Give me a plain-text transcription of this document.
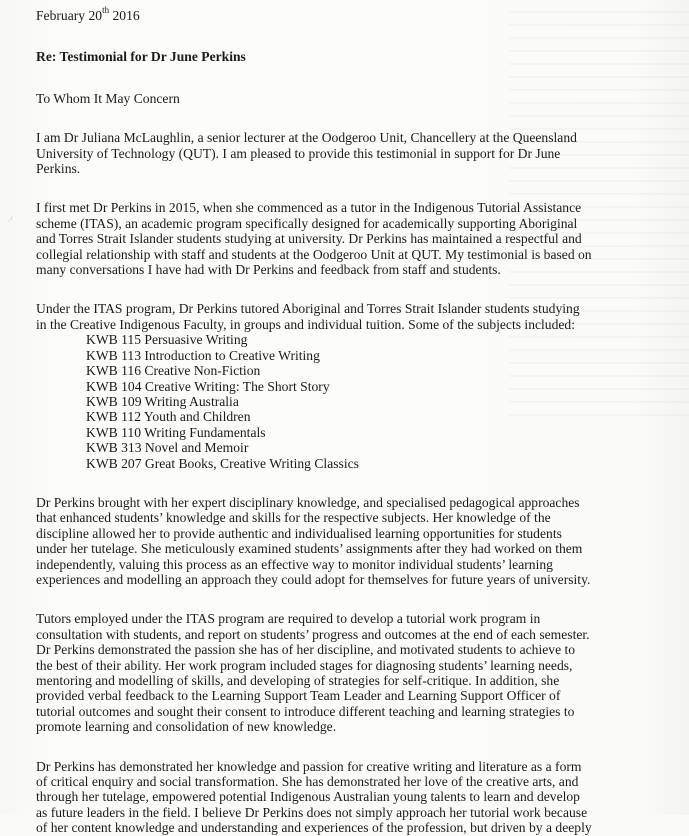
·ᐟ

February 20th 2016

Re: Testimonial for Dr June Perkins

To Whom It May Concern

I am Dr Juliana McLaughlin, a senior lecturer at the Oodgeroo Unit, Chancellery at the Queensland

University of Technology (QUT). I am pleased to provide this testimonial in support for Dr June

Perkins.

I first met Dr Perkins in 2015, when she commenced as a tutor in the Indigenous Tutorial Assistance

scheme (ITAS), an academic program specifically designed for academically supporting Aboriginal

and Torres Strait Islander students studying at university. Dr Perkins has maintained a respectful and

collegial relationship with staff and students at the Oodgeroo Unit at QUT. My testimonial is based on

many conversations I have had with Dr Perkins and feedback from staff and students.

Under the ITAS program, Dr Perkins tutored Aboriginal and Torres Strait Islander students studying

in the Creative Indigenous Faculty, in groups and individual tuition. Some of the subjects included:

KWB 115 Persuasive Writing
KWB 113 Introduction to Creative Writing
KWB 116 Creative Non-Fiction
KWB 104 Creative Writing: The Short Story
KWB 109 Writing Australia
KWB 112 Youth and Children
KWB 110 Writing Fundamentals
KWB 313 Novel and Memoir
KWB 207 Great Books, Creative Writing Classics

Dr Perkins brought with her expert disciplinary knowledge, and specialised pedagogical approaches

that enhanced students’ knowledge and skills for the respective subjects. Her knowledge of the

discipline allowed her to provide authentic and individualised learning opportunities for students

under her tutelage. She meticulously examined students’ assignments after they had worked on them

independently, valuing this process as an effective way to monitor individual students’ learning

experiences and modelling an approach they could adopt for themselves for future years of university.

Tutors employed under the ITAS program are required to develop a tutorial work program in

consultation with students, and report on students’ progress and outcomes at the end of each semester.

Dr Perkins demonstrated the passion she has of her discipline, and motivated students to achieve to

the best of their ability. Her work program included stages for diagnosing students’ learning needs,

mentoring and modelling of skills, and developing of strategies for self-critique. In addition, she

provided verbal feedback to the Learning Support Team Leader and Learning Support Officer of

tutorial outcomes and sought their consent to introduce different teaching and learning strategies to

promote learning and consolidation of new knowledge.

Dr Perkins has demonstrated her knowledge and passion for creative writing and literature as a form

of critical enquiry and social transformation. She has demonstrated her love of the creative arts, and

through her tutelage, empowered potential Indigenous Australian young talents to learn and develop

as future leaders in the field. I believe Dr Perkins does not simply approach her tutorial work because

of her content knowledge and understanding and experiences of the profession, but driven by a deeply
